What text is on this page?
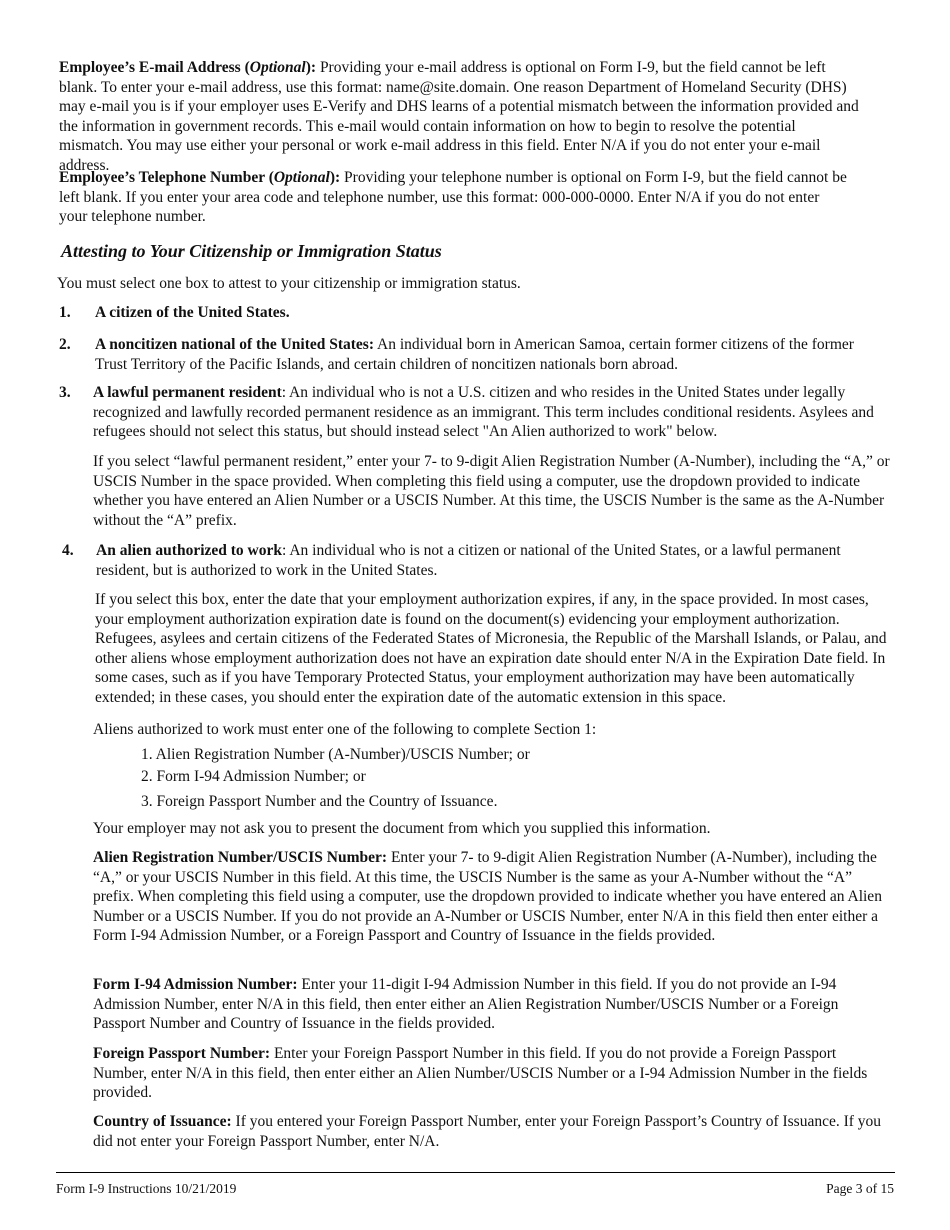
Employee’s E-mail Address (Optional): Providing your e-mail address is optional on Form I-9, but the field cannot be left blank. To enter your e-mail address, use this format: name@site.domain. One reason Department of Homeland Security (DHS) may e-mail you is if your employer uses E-Verify and DHS learns of a potential mismatch between the information provided and the information in government records. This e-mail would contain information on how to begin to resolve the potential mismatch. You may use either your personal or work e-mail address in this field. Enter N/A if you do not enter your e-mail address.

Employee’s Telephone Number (Optional): Providing your telephone number is optional on Form I-9, but the field cannot be left blank. If you enter your area code and telephone number, use this format: 000-000-0000. Enter N/A if you do not enter your telephone number.

Attesting to Your Citizenship or Immigration Status

You must select one box to attest to your citizenship or immigration status.

1. A citizen of the United States.

2. A noncitizen national of the United States: An individual born in American Samoa, certain former citizens of the former Trust Territory of the Pacific Islands, and certain children of noncitizen nationals born abroad.

3. A lawful permanent resident: An individual who is not a U.S. citizen and who resides in the United States under legally recognized and lawfully recorded permanent residence as an immigrant. This term includes conditional residents. Asylees and refugees should not select this status, but should instead select "An Alien authorized to work" below.

If you select “lawful permanent resident,” enter your 7- to 9-digit Alien Registration Number (A-Number), including the “A,” or USCIS Number in the space provided. When completing this field using a computer, use the dropdown provided to indicate whether you have entered an Alien Number or a USCIS Number. At this time, the USCIS Number is the same as the A-Number without the “A” prefix.

4. An alien authorized to work: An individual who is not a citizen or national of the United States, or a lawful permanent resident, but is authorized to work in the United States.

If you select this box, enter the date that your employment authorization expires, if any, in the space provided. In most cases, your employment authorization expiration date is found on the document(s) evidencing your employment authorization. Refugees, asylees and certain citizens of the Federated States of Micronesia, the Republic of the Marshall Islands, or Palau, and other aliens whose employment authorization does not have an expiration date should enter N/A in the Expiration Date field. In some cases, such as if you have Temporary Protected Status, your employment authorization may have been automatically extended; in these cases, you should enter the expiration date of the automatic extension in this space.

Aliens authorized to work must enter one of the following to complete Section 1:

1. Alien Registration Number (A-Number)/USCIS Number; or

2. Form I-94 Admission Number; or

3. Foreign Passport Number and the Country of Issuance.

Your employer may not ask you to present the document from which you supplied this information.

Alien Registration Number/USCIS Number: Enter your 7- to 9-digit Alien Registration Number (A-Number), including the “A,” or your USCIS Number in this field. At this time, the USCIS Number is the same as your A-Number without the “A” prefix. When completing this field using a computer, use the dropdown provided to indicate whether you have entered an Alien Number or a USCIS Number. If you do not provide an A-Number or USCIS Number, enter N/A in this field then enter either a Form I-94 Admission Number, or a Foreign Passport and Country of Issuance in the fields provided.

Form I-94 Admission Number: Enter your 11-digit I-94 Admission Number in this field. If you do not provide an I-94 Admission Number, enter N/A in this field, then enter either an Alien Registration Number/USCIS Number or a Foreign Passport Number and Country of Issuance in the fields provided.

Foreign Passport Number: Enter your Foreign Passport Number in this field. If you do not provide a Foreign Passport Number, enter N/A in this field, then enter either an Alien Number/USCIS Number or a I-94 Admission Number in the fields provided.

Country of Issuance: If you entered your Foreign Passport Number, enter your Foreign Passport’s Country of Issuance. If you did not enter your Foreign Passport Number, enter N/A.

Form I-9 Instructions 10/21/2019	Page 3 of 15
